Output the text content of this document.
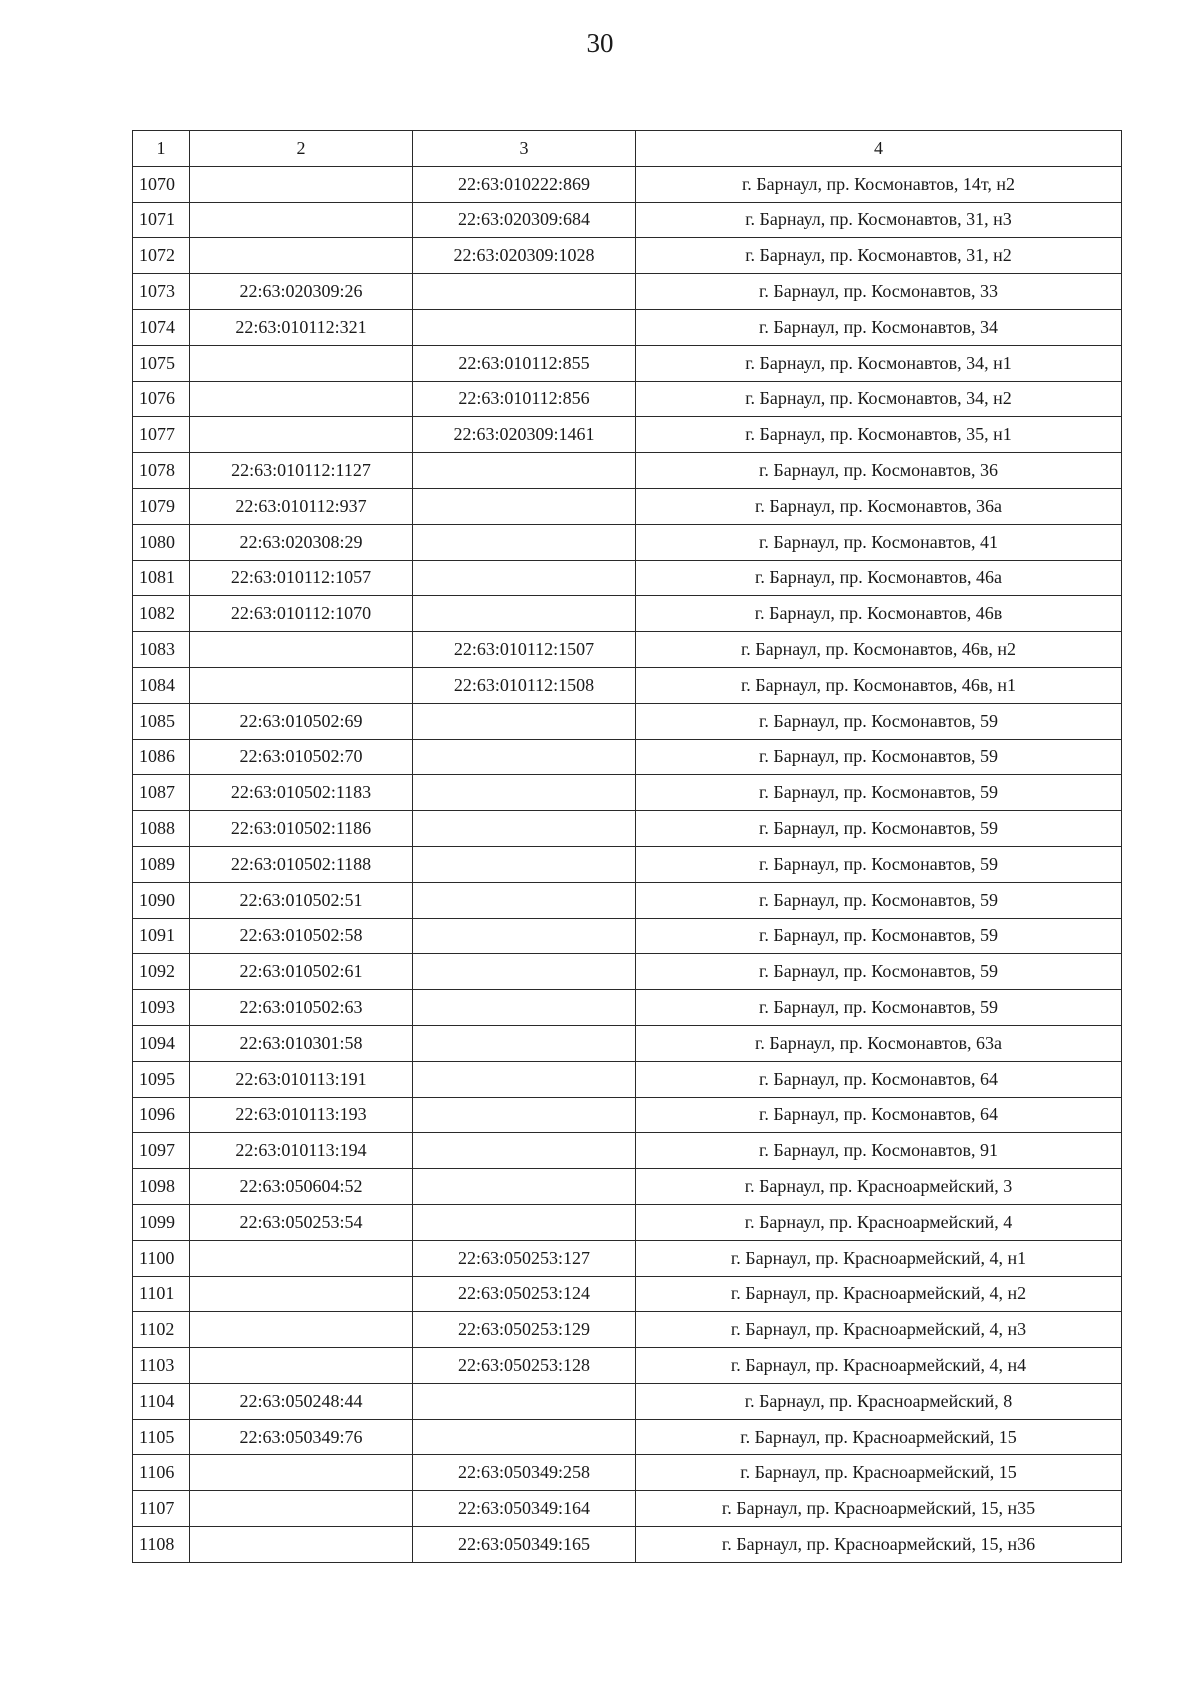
30
1	2	3	4
1070		22:63:010222:869	г. Барнаул, пр. Космонавтов, 14т, н2
1071		22:63:020309:684	г. Барнаул, пр. Космонавтов, 31, н3
1072		22:63:020309:1028	г. Барнаул, пр. Космонавтов, 31, н2
1073	22:63:020309:26		г. Барнаул, пр. Космонавтов, 33
1074	22:63:010112:321		г. Барнаул, пр. Космонавтов, 34
1075		22:63:010112:855	г. Барнаул, пр. Космонавтов, 34, н1
1076		22:63:010112:856	г. Барнаул, пр. Космонавтов, 34, н2
1077		22:63:020309:1461	г. Барнаул, пр. Космонавтов, 35, н1
1078	22:63:010112:1127		г. Барнаул, пр. Космонавтов, 36
1079	22:63:010112:937		г. Барнаул, пр. Космонавтов, 36а
1080	22:63:020308:29		г. Барнаул, пр. Космонавтов, 41
1081	22:63:010112:1057		г. Барнаул, пр. Космонавтов, 46а
1082	22:63:010112:1070		г. Барнаул, пр. Космонавтов, 46в
1083		22:63:010112:1507	г. Барнаул, пр. Космонавтов, 46в, н2
1084		22:63:010112:1508	г. Барнаул, пр. Космонавтов, 46в, н1
1085	22:63:010502:69		г. Барнаул, пр. Космонавтов, 59
1086	22:63:010502:70		г. Барнаул, пр. Космонавтов, 59
1087	22:63:010502:1183		г. Барнаул, пр. Космонавтов, 59
1088	22:63:010502:1186		г. Барнаул, пр. Космонавтов, 59
1089	22:63:010502:1188		г. Барнаул, пр. Космонавтов, 59
1090	22:63:010502:51		г. Барнаул, пр. Космонавтов, 59
1091	22:63:010502:58		г. Барнаул, пр. Космонавтов, 59
1092	22:63:010502:61		г. Барнаул, пр. Космонавтов, 59
1093	22:63:010502:63		г. Барнаул, пр. Космонавтов, 59
1094	22:63:010301:58		г. Барнаул, пр. Космонавтов, 63а
1095	22:63:010113:191		г. Барнаул, пр. Космонавтов, 64
1096	22:63:010113:193		г. Барнаул, пр. Космонавтов, 64
1097	22:63:010113:194		г. Барнаул, пр. Космонавтов, 91
1098	22:63:050604:52		г. Барнаул, пр. Красноармейский, 3
1099	22:63:050253:54		г. Барнаул, пр. Красноармейский, 4
1100		22:63:050253:127	г. Барнаул, пр. Красноармейский, 4, н1
1101		22:63:050253:124	г. Барнаул, пр. Красноармейский, 4, н2
1102		22:63:050253:129	г. Барнаул, пр. Красноармейский, 4, н3
1103		22:63:050253:128	г. Барнаул, пр. Красноармейский, 4, н4
1104	22:63:050248:44		г. Барнаул, пр. Красноармейский, 8
1105	22:63:050349:76		г. Барнаул, пр. Красноармейский, 15
1106		22:63:050349:258	г. Барнаул, пр. Красноармейский, 15
1107		22:63:050349:164	г. Барнаул, пр. Красноармейский, 15, н35
1108		22:63:050349:165	г. Барнаул, пр. Красноармейский, 15, н36
